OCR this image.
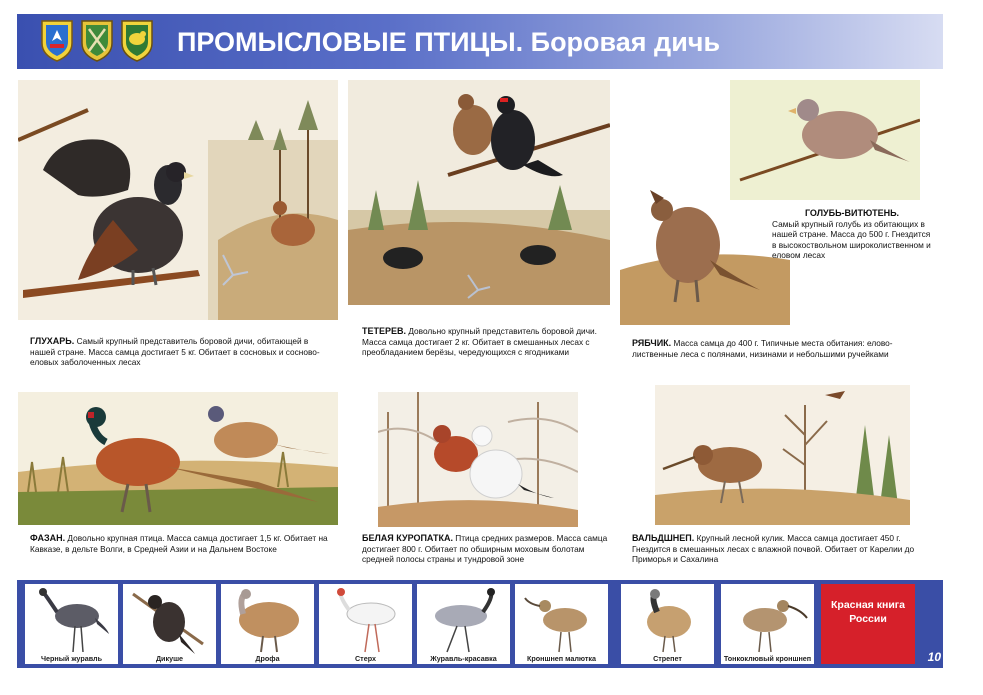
ПРОМЫСЛОВЫЕ ПТИЦЫ. Боровая дичь
ГЛУХАРЬ. Самый крупный представитель боровой дичи, обитающей в нашей стране. Масса самца достигает 5 кг. Обитает в сосновых и сосново-еловых заболоченных лесах
ТЕТЕРЕВ. Довольно крупный представитель боровой дичи. Масса самца достигает 2 кг. Обитает в смешанных лесах с преобладанием берёзы, чередующихся с ягодниками
ГОЛУБЬ-ВИТЮТЕНЬ.
Самый крупный голубь из обитающих в нашей стране. Масса до 500 г. Гнездится в высокоствольном широколиственном и еловом лесах
РЯБЧИК. Масса самца до 400 г. Типичные места обитания: елово-лиственные леса с полянами, низинами и небольшими ручейками
ФАЗАН. Довольно крупная птица. Масса самца достигает 1,5 кг. Обитает на Кавказе, в дельте Волги, в Средней Азии и на Дальнем Востоке
БЕЛАЯ КУРОПАТКА. Птица средних размеров. Масса самца достигает 800 г. Обитает по обширным моховым болотам средней полосы страны и тундровой зоне
ВАЛЬДШНЕП. Крупный лесной кулик. Масса самца достигает 450 г. Гнездится в смешанных лесах с влажной почвой. Обитает от Карелии до Приморья и Сахалина
Черный журавль	Дикуше	Дрофа	Стерх	Журавль-красавка	Кроншнеп малютка	Стрепет	Тонкоклювый кроншнеп
Красная книга
России
10
